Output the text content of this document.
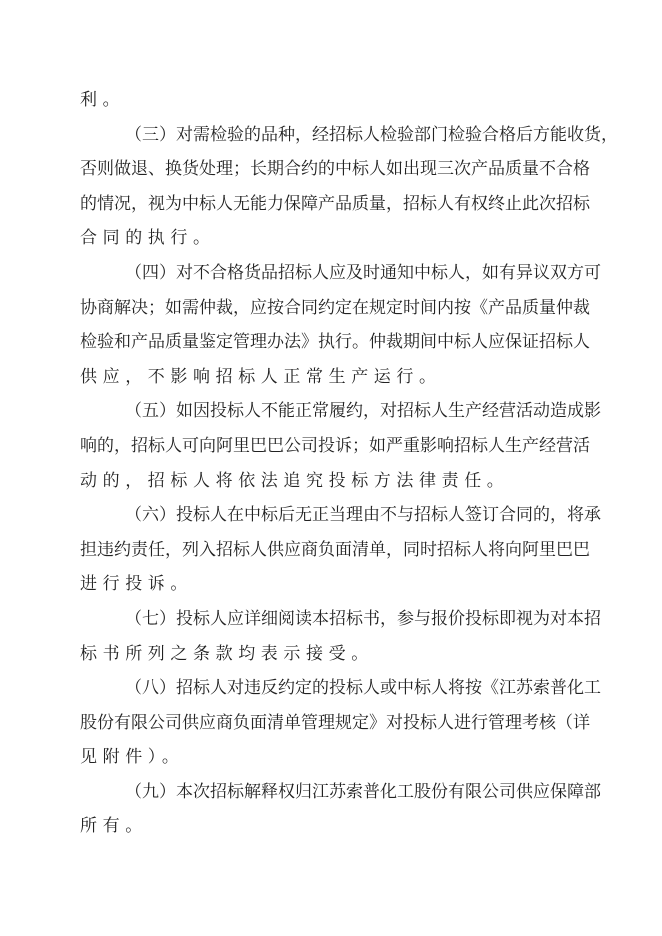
利。
（三）对需检验的品种，经招标人检验部门检验合格后方能收货，
否则做退、换货处理；长期合约的中标人如出现三次产品质量不合格
的情况，视为中标人无能力保障产品质量，招标人有权终止此次招标
合同的执行。
（四）对不合格货品招标人应及时通知中标人，如有异议双方可
协商解决；如需仲裁，应按合同约定在规定时间内按《产品质量仲裁
检验和产品质量鉴定管理办法》执行。仲裁期间中标人应保证招标人
供应，不影响招标人正常生产运行。
（五）如因投标人不能正常履约，对招标人生产经营活动造成影
响的，招标人可向阿里巴巴公司投诉；如严重影响招标人生产经营活
动的，招标人将依法追究投标方法律责任。
（六）投标人在中标后无正当理由不与招标人签订合同的，将承
担违约责任，列入招标人供应商负面清单，同时招标人将向阿里巴巴
进行投诉。
（七）投标人应详细阅读本招标书，参与报价投标即视为对本招
标书所列之条款均表示接受。
（八）招标人对违反约定的投标人或中标人将按《江苏索普化工
股份有限公司供应商负面清单管理规定》对投标人进行管理考核（详
见附件）。
（九）本次招标解释权归江苏索普化工股份有限公司供应保障部
所有。
